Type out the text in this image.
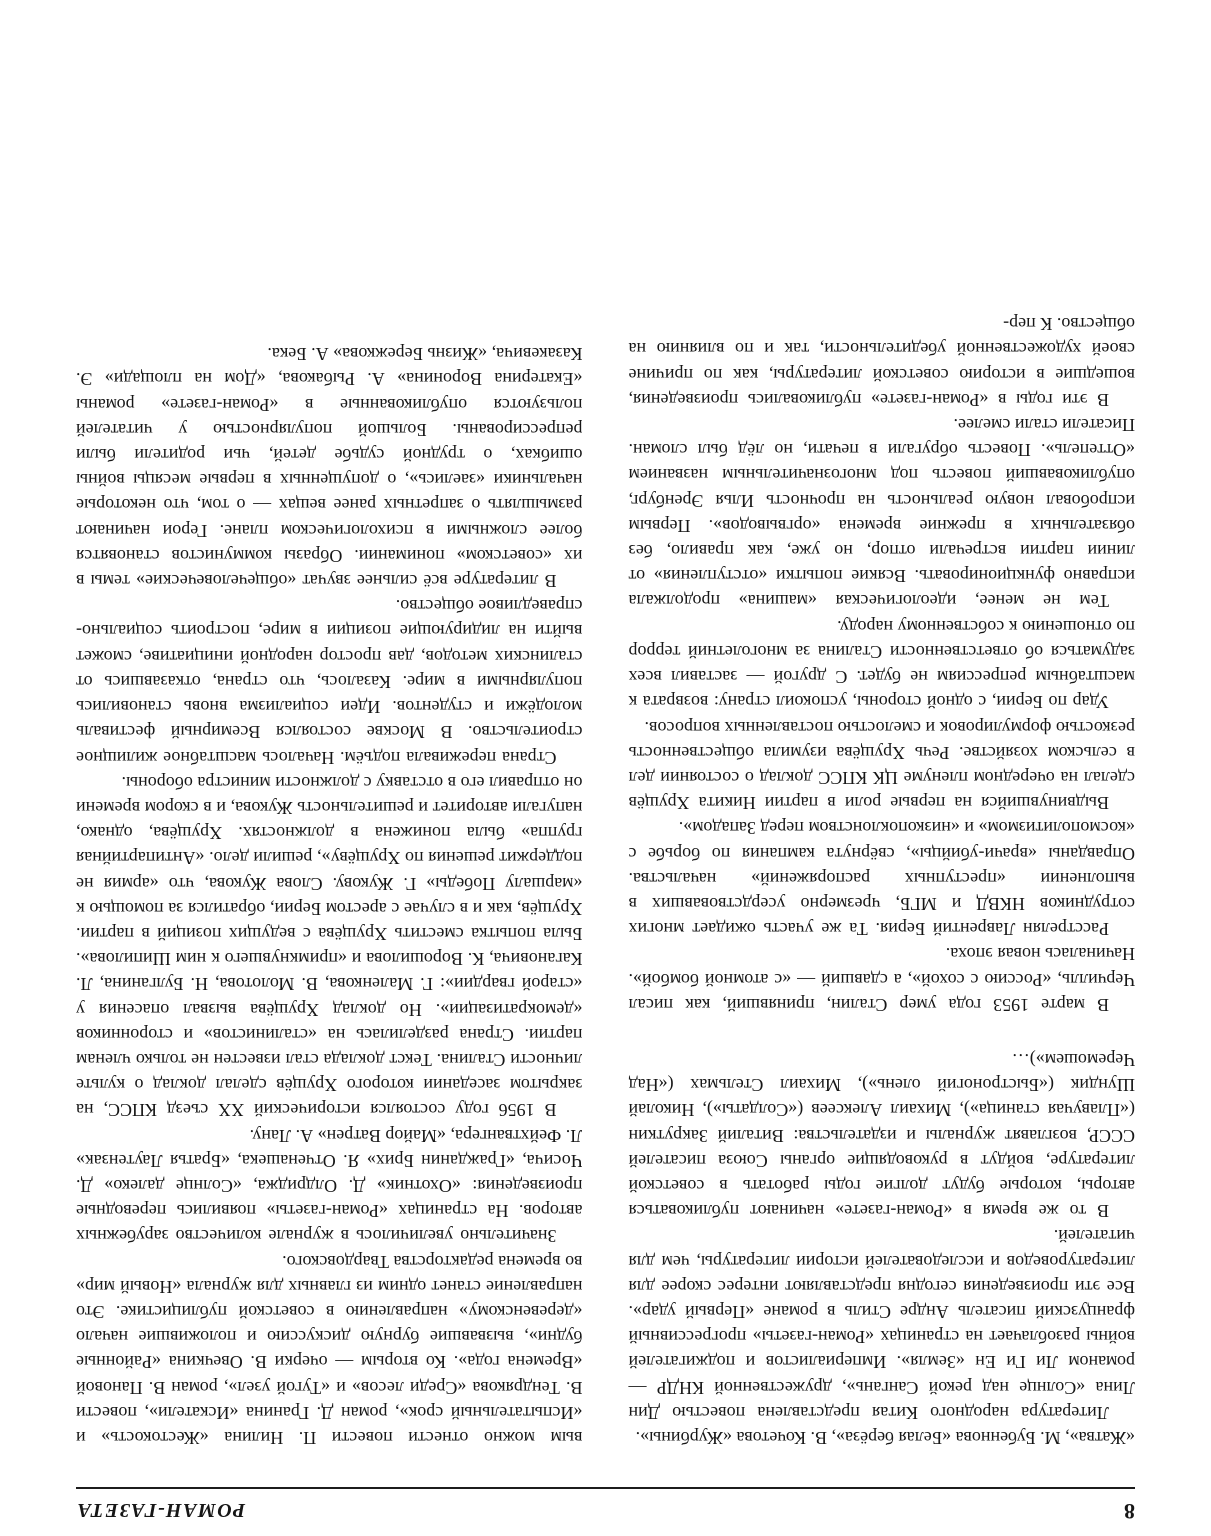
8
РОМАН-ГАЗЕТА

«Жатва», М. Бубеннова «Белая берёза», В. Кочетова «Журбины».

Литература народного Китая представлена повестью Дин Лина «Солнце над рекой Сангань», дружественной КНДР — романом Ли Ги Ен «Земля». Империалистов и поджигателей войны разоблачает на страницах «Роман-газеты» прогрессивный французский писатель Андре Стиль в романе «Первый удар». Все эти произведения сегодня представляют интерес скорее для литературоведов и исследователей истории литературы, чем для читателей.

В то же время в «Роман-газете» начинают публиковаться авторы, которые будут долгие годы работать в советской литературе, войдут в руководящие органы Союза писателей СССР, возглавят журналы и издательства: Виталий Закруткин («Плавучая станица»), Михаил Алексеев («Солдаты»), Николай Шундик («Быстроногий олень»), Михаил Стельмах («Над Черемошем»)…

В марте 1953 года умер Сталин, принявший, как писал Черчилль, «Россию с сохой», а сдавший — «с атомной бомбой». Начиналась новая эпоха.

Расстрелян Лаврентий Берия. Та же участь ожидает многих сотрудников НКВД и МГБ, чрезмерно усердствовавших в выполнении «преступных распоряжений» начальства. Оправданы «врачи-убийцы», свёрнута кампания по борьбе с «космополитизмом» и «низкопоклонством перед Западом».

Выдвинувшийся на первые роли в партии Никита Хрущёв сделал на очередном пленуме ЦК КПСС доклад о состоянии дел в сельском хозяйстве. Речь Хрущёва изумила общественность резкостью формулировок и смелостью поставленных вопросов.

Удар по Берии, с одной стороны, успокоил страну: возврата к масштабным репрессиям не будет. С другой — заставил всех задуматься об ответственности Сталина за многолетний террор по отношению к собственному народу.

Тем не менее, идеологическая «машина» продолжала исправно функционировать. Всякие попытки «отступления» от линии партии встречали отпор, но уже, как правило, без обязательных в прежние времена «оргвыводов». Первым испробовал новую реальность на прочность Илья Эренбург, опубликовавший повесть под многозначительным названием «Оттепель». Повесть обругали в печати, но лёд был сломан. Писатели стали смелее.

В эти годы в «Роман-газете» публиковались произведения, вошедшие в историю советской литературы, как по причине своей художественной убедительности, так и по влиянию на общество. К пер-

вым можно отнести повести П. Нилина «Жестокость» и «Испытательный срок», роман Д. Гранина «Искатели», повести В. Тендрякова «Среди лесов» и «Тугой узел», роман В. Пановой «Времена года». Ко вторым — очерки В. Овечкина «Районные будни», вызвавшие бурную дискуссию и положившие начало «деревенскому» направлению в советской публицистике. Это направление станет одним из главных для журнала «Новый мир» во времена редакторства Твардовского.

Значительно увеличилось в журнале количество зарубежных авторов. На страницах «Роман-газеты» появились переводные произведения: «Охотник» Д. Олдриджа, «Солнце далеко» Д. Чосича, «Гражданин Брих» Я. Отченашека, «Братья Лаутензак» Л. Фейхтвангера, «Майор Ватрен» А. Лану.

В 1956 году состоялся исторический XX съезд КПСС, на закрытом заседании которого Хрущёв сделал доклад о культе личности Сталина. Текст доклада стал известен не только членам партии. Страна разделилась на «сталинистов» и сторонников «демократизации». Но доклад Хрущёва вызвал опасения у «старой гвардии»: Г. Маленкова, В. Молотова, Н. Булганина, Л. Кагановича, К. Ворошилова и «примкнувшего к ним Шипилова». Была попытка сместить Хрущёва с ведущих позиций в партии. Хрущёв, как и в случае с арестом Берии, обратился за помощью к «маршалу Победы» Г. Жукову. Слова Жукова, что «армия не поддержит решения по Хрущёву», решили дело. «Антипартийная группа» была понижена в должностях. Хрущёва, однако, напугали авторитет и решительность Жукова, и в скором времени он отправил его в отставку с должности министра обороны.

Страна переживала подъём. Началось масштабное жилищное строительство. В Москве состоялся Всемирный фестиваль молодёжи и студентов. Идеи социализма вновь становились популярными в мире. Казалось, что страна, отказавшись от сталинских методов, дав простор народной инициативе, сможет выйти на лидирующие позиции в мире, построить социально-справедливое общество.

В литературе всё сильнее звучат «общечеловеческие» темы в их «советском» понимании. Образы коммунистов становятся более сложными в психологическом плане. Герои начинают размышлять о запретных ранее вещах — о том, что некоторые начальники «заелись», о допущенных в первые месяцы войны ошибках, о трудной судьбе детей, чьи родители были репрессированы. Большой популярностью у читателей пользуются опубликованные в «Роман-газете» романы «Екатерина Воронина» А. Рыбакова, «Дом на площади» Э. Казакевича, «Жизнь Бережкова» А. Бека.
